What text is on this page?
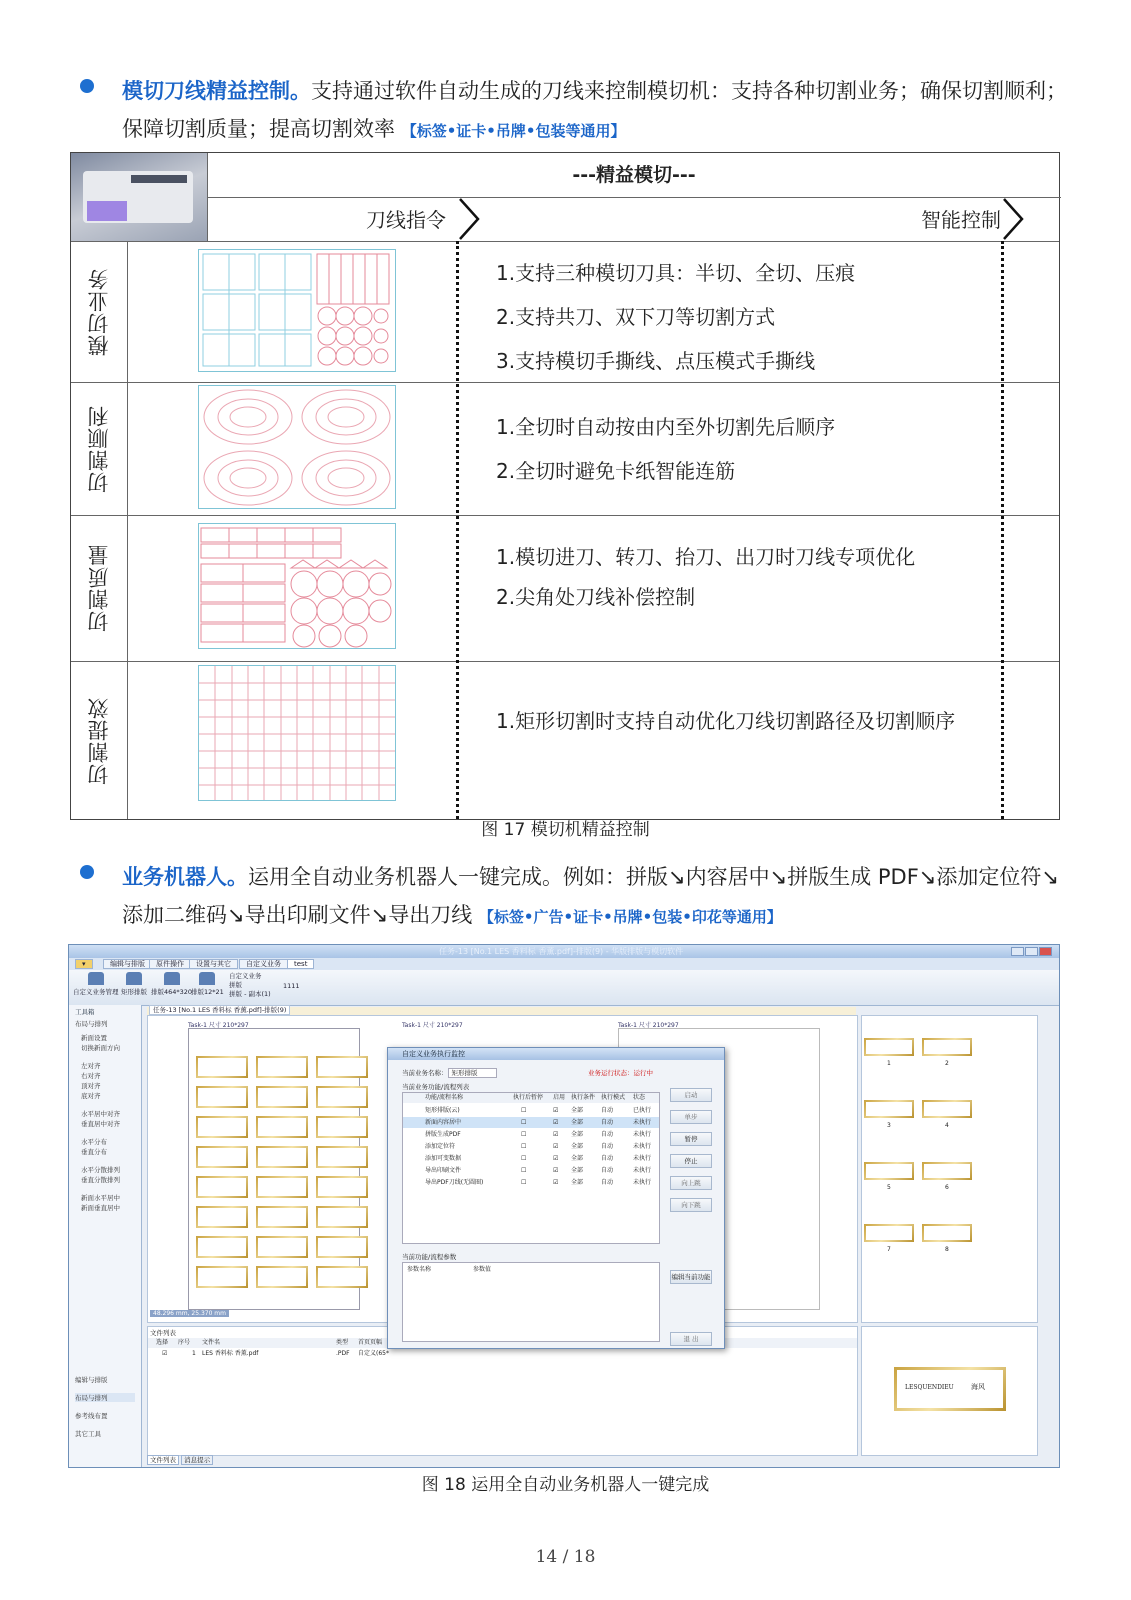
模切刀线精益控制。支持通过软件自动生成的刀线来控制模切机：支持各种切割业务；确保切割顺利；保障切割质量；提高切割效率 【标签•证卡•吊牌•包装等通用】
---精益模切---
刀线指令	智能控制
模切业务	1.支持三种模切刀具：半切、全切、压痕
2.支持共刀、双下刀等切割方式
3.支持模切手撕线、点压模式手撕线
切割顺利	1.全切时自动按由内至外切割先后顺序
2.全切时避免卡纸智能连筋
切割质量	1.模切进刀、转刀、抬刀、出刀时刀线专项优化
2.尖角处刀线补偿控制
切割提效	1.矩形切割时支持自动优化刀线切割路径及切割顺序
图 17 模切机精益控制
业务机器人。运用全自动业务机器人一键完成。例如：拼版↘内容居中↘拼版生成 PDF↘添加定位符↘添加二维码↘导出印刷文件↘导出刀线 【标签•广告•证卡•吊牌•包装•印花等通用】
任务-13 [No.1 LES 香料标 香薰.pdf]-排版(9) - 华版排版与模切软件
▾	编辑与排版	原件操作	设置与其它	自定义业务	test
自定义业务管理 矩形排版 排版464*320
排版12*21
自定义业务
拼版
拼版 - 副本(1)
1111
工具箱
布局与排列
新面设置
切换新面方向
左对齐
右对齐
顶对齐
底对齐
水平居中对齐
垂直居中对齐
水平分布
垂直分布
水平分散排列
垂直分散排列
新面水平居中
新面垂直居中
编辑与排版
布局与排列
参考线布置
其它工具
任务-13 [No.1 LES 香料标 香薰.pdf]-排版(9)
Task-1 尺寸 210*297	Task-1 尺寸 210*297	Task-1 尺寸 210*297
48.296 mm, 25.370 mm
1	2
3	4
5	6
7	8
文件列表
选择 序号 文件名	类型 首页页幅
☑	1 LES 香料标 香薰.pdf	.PDF 自定义(65*
文件列表 消息提示
LESQUENDIEU 海风
自定义业务执行监控
当前业务名称： 矩形排版	业务运行状态：运行中
当前业务功能/流程列表
功能/流程名称	执行后暂停 启用 执行条件 执行模式 状态
矩形排版(云)	☐	☑ 全部	自动	已执行
新面内容居中	☐	☑ 全部	自动	未执行
拼版生成PDF	☐	☑ 全部	自动	未执行
添加定位符	☐	☑ 全部	自动	未执行
添加可变数据	☐	☑ 全部	自动	未执行
导出印刷文件	☐	☑ 全部	自动	未执行
导出PDF刀线(无圆圈)	☐	☑ 全部	自动	未执行
当前功能/流程参数
参数名称	参数值
启动
单步
暂停
停止
向上跳
向下跳
编辑当前功能
退 出
图 18 运用全自动业务机器人一键完成
14 / 18
